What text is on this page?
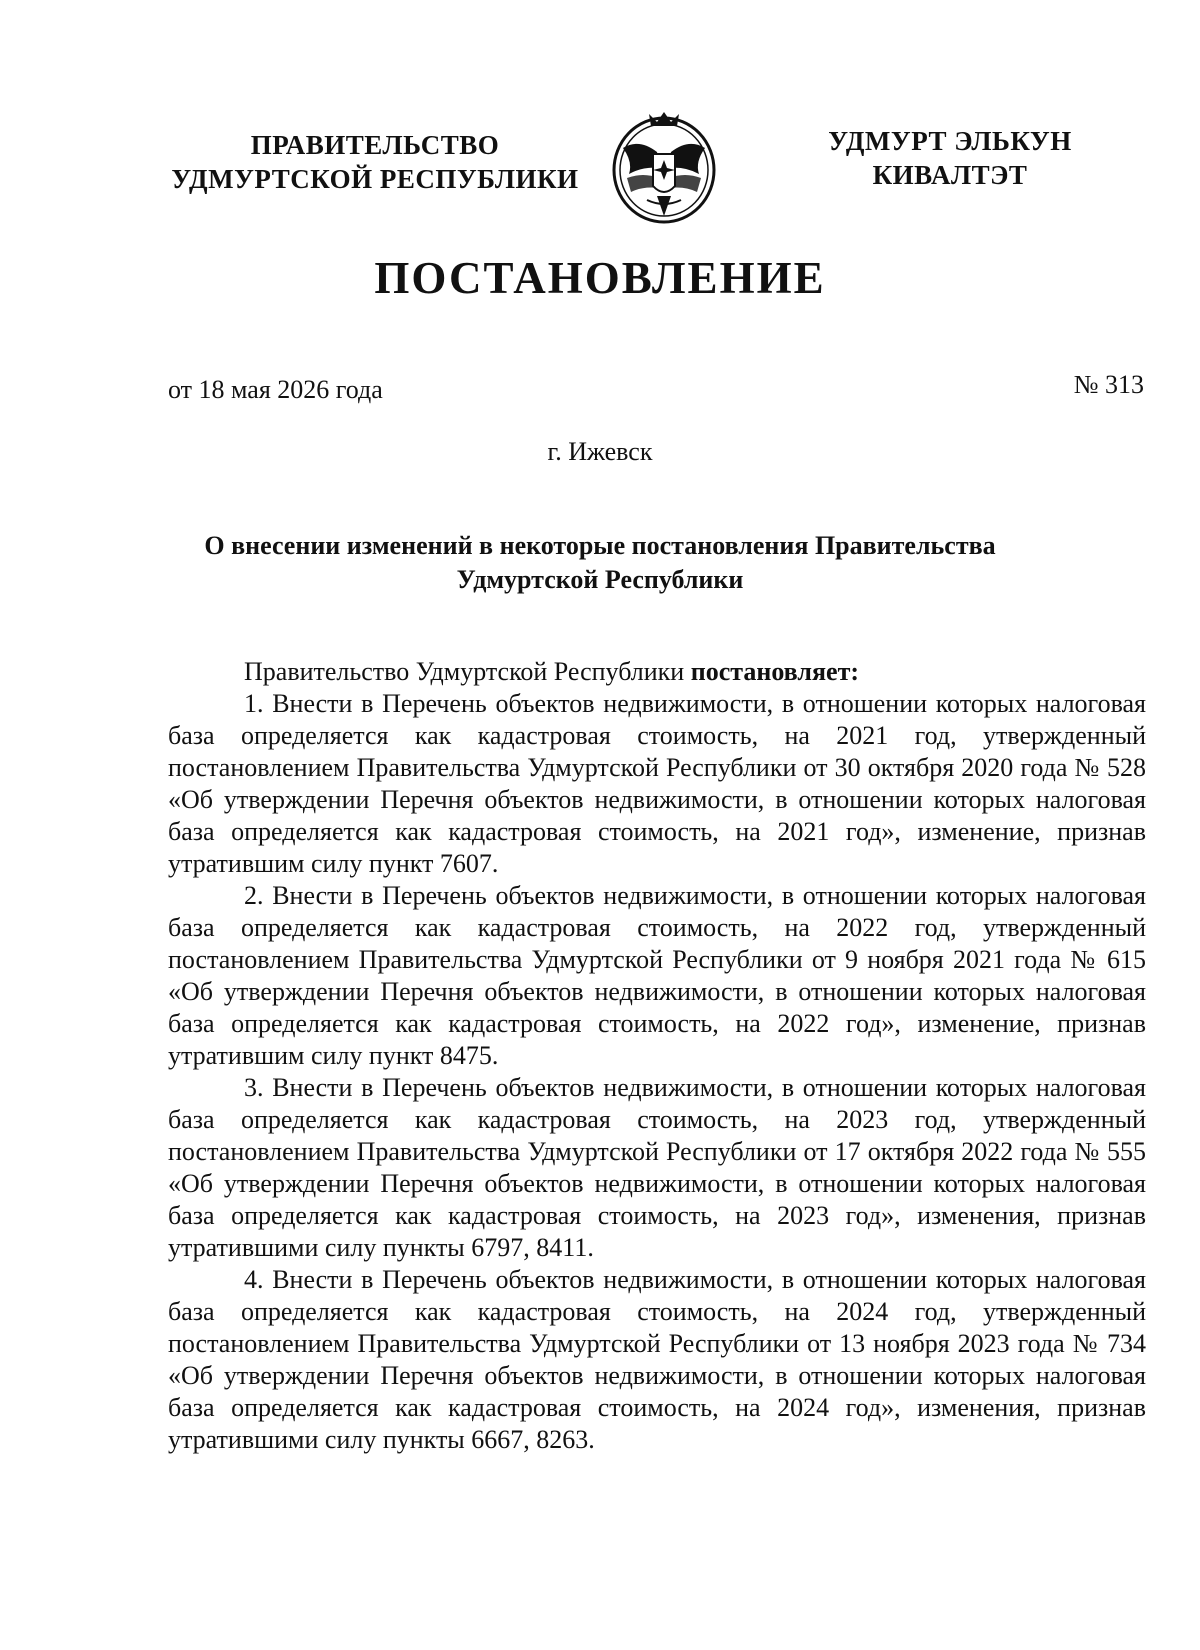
ПРАВИТЕЛЬСТВО
УДМУРТСКОЙ РЕСПУБЛИКИ
УДМУРТ ЭЛЬКУН
КИВАЛТЭТ
ПОСТАНОВЛЕНИЕ
от 18 мая 2026 года	№ 313
г. Ижевск
О внесении изменений в некоторые постановления Правительства
Удмуртской Республики

Правительство Удмуртской Республики постановляет:

1. Внести в Перечень объектов недвижимости, в отношении которых налоговая база определяется как кадастровая стоимость, на 2021 год, утвержденный постановлением Правительства Удмуртской Республики от 30 октября 2020 года № 528 «Об утверждении Перечня объектов недвижимости, в отношении которых налоговая база определяется как кадастровая стоимость, на 2021 год», изменение, признав утратившим силу пункт 7607.

2. Внести в Перечень объектов недвижимости, в отношении которых налоговая база определяется как кадастровая стоимость, на 2022 год, утвержденный постановлением Правительства Удмуртской Республики от 9 ноября 2021 года № 615 «Об утверждении Перечня объектов недвижимости, в отношении которых налоговая база определяется как кадастровая стоимость, на 2022 год», изменение, признав утратившим силу пункт 8475.

3. Внести в Перечень объектов недвижимости, в отношении которых налоговая база определяется как кадастровая стоимость, на 2023 год, утвержденный постановлением Правительства Удмуртской Республики от 17 октября 2022 года № 555 «Об утверждении Перечня объектов недвижимости, в отношении которых налоговая база определяется как кадастровая стоимость, на 2023 год», изменения, признав утратившими силу пункты 6797, 8411.

4. Внести в Перечень объектов недвижимости, в отношении которых налоговая база определяется как кадастровая стоимость, на 2024 год, утвержденный постановлением Правительства Удмуртской Республики от 13 ноября 2023 года № 734 «Об утверждении Перечня объектов недвижимости, в отношении которых налоговая база определяется как кадастровая стоимость, на 2024 год», изменения, признав утратившими силу пункты 6667, 8263.
